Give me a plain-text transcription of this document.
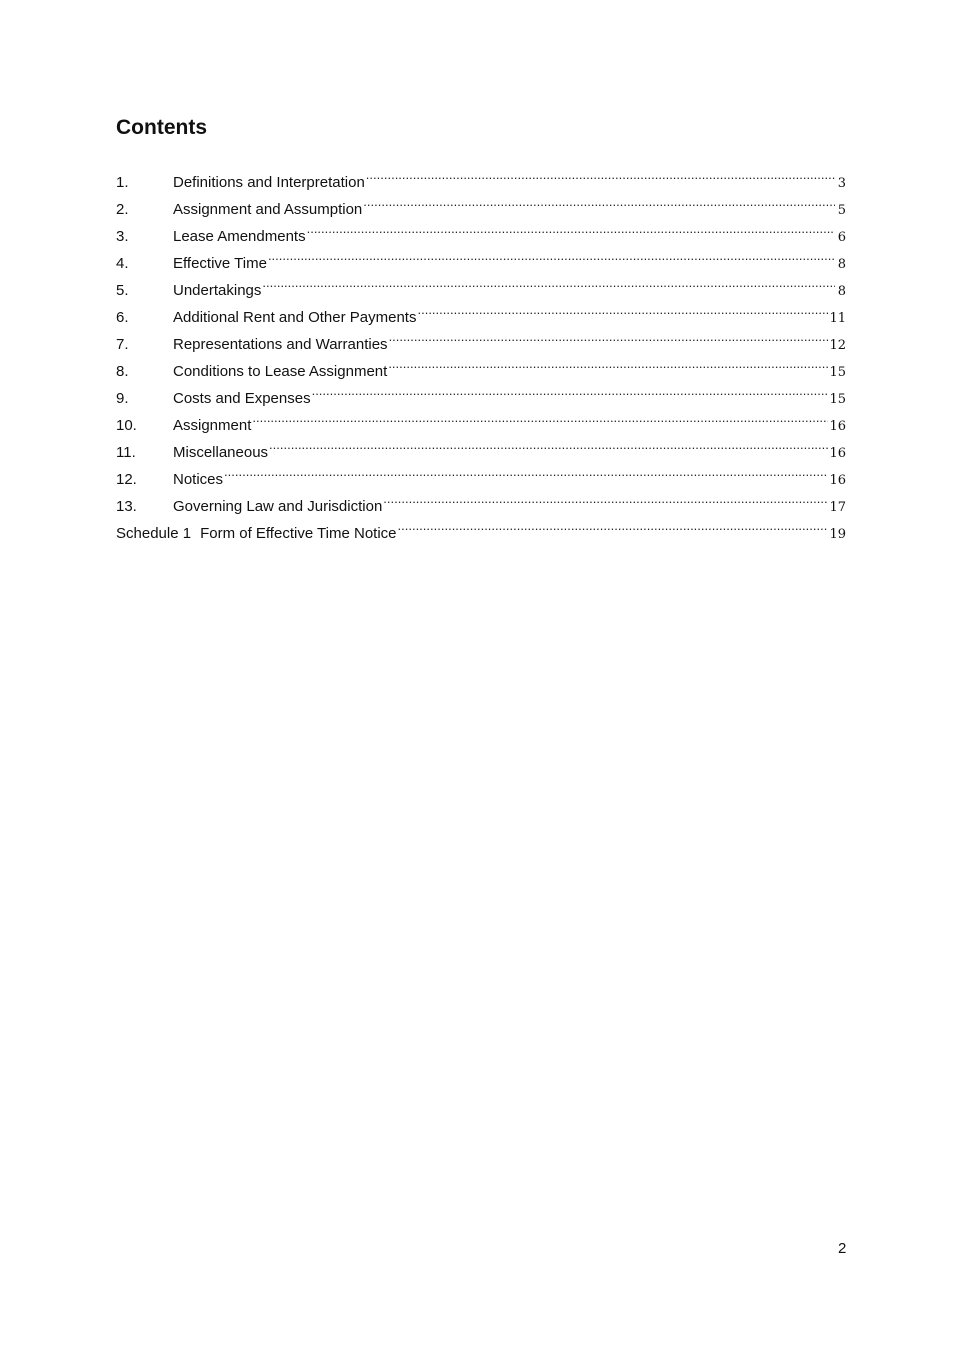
Contents
1.	Definitions and Interpretation .....	3
2.	Assignment and Assumption .....	5
3.	Lease Amendments .....	6
4.	Effective Time .....	8
5.	Undertakings .....	8
6.	Additional Rent and Other Payments .....	11
7.	Representations and Warranties .....	12
8.	Conditions to Lease Assignment .....	15
9.	Costs and Expenses .....	15
10.	Assignment .....	16
11.	Miscellaneous .....	16
12.	Notices .....	16
13.	Governing Law and Jurisdiction .....	17
Schedule 1 Form of Effective Time Notice .....	19
2
